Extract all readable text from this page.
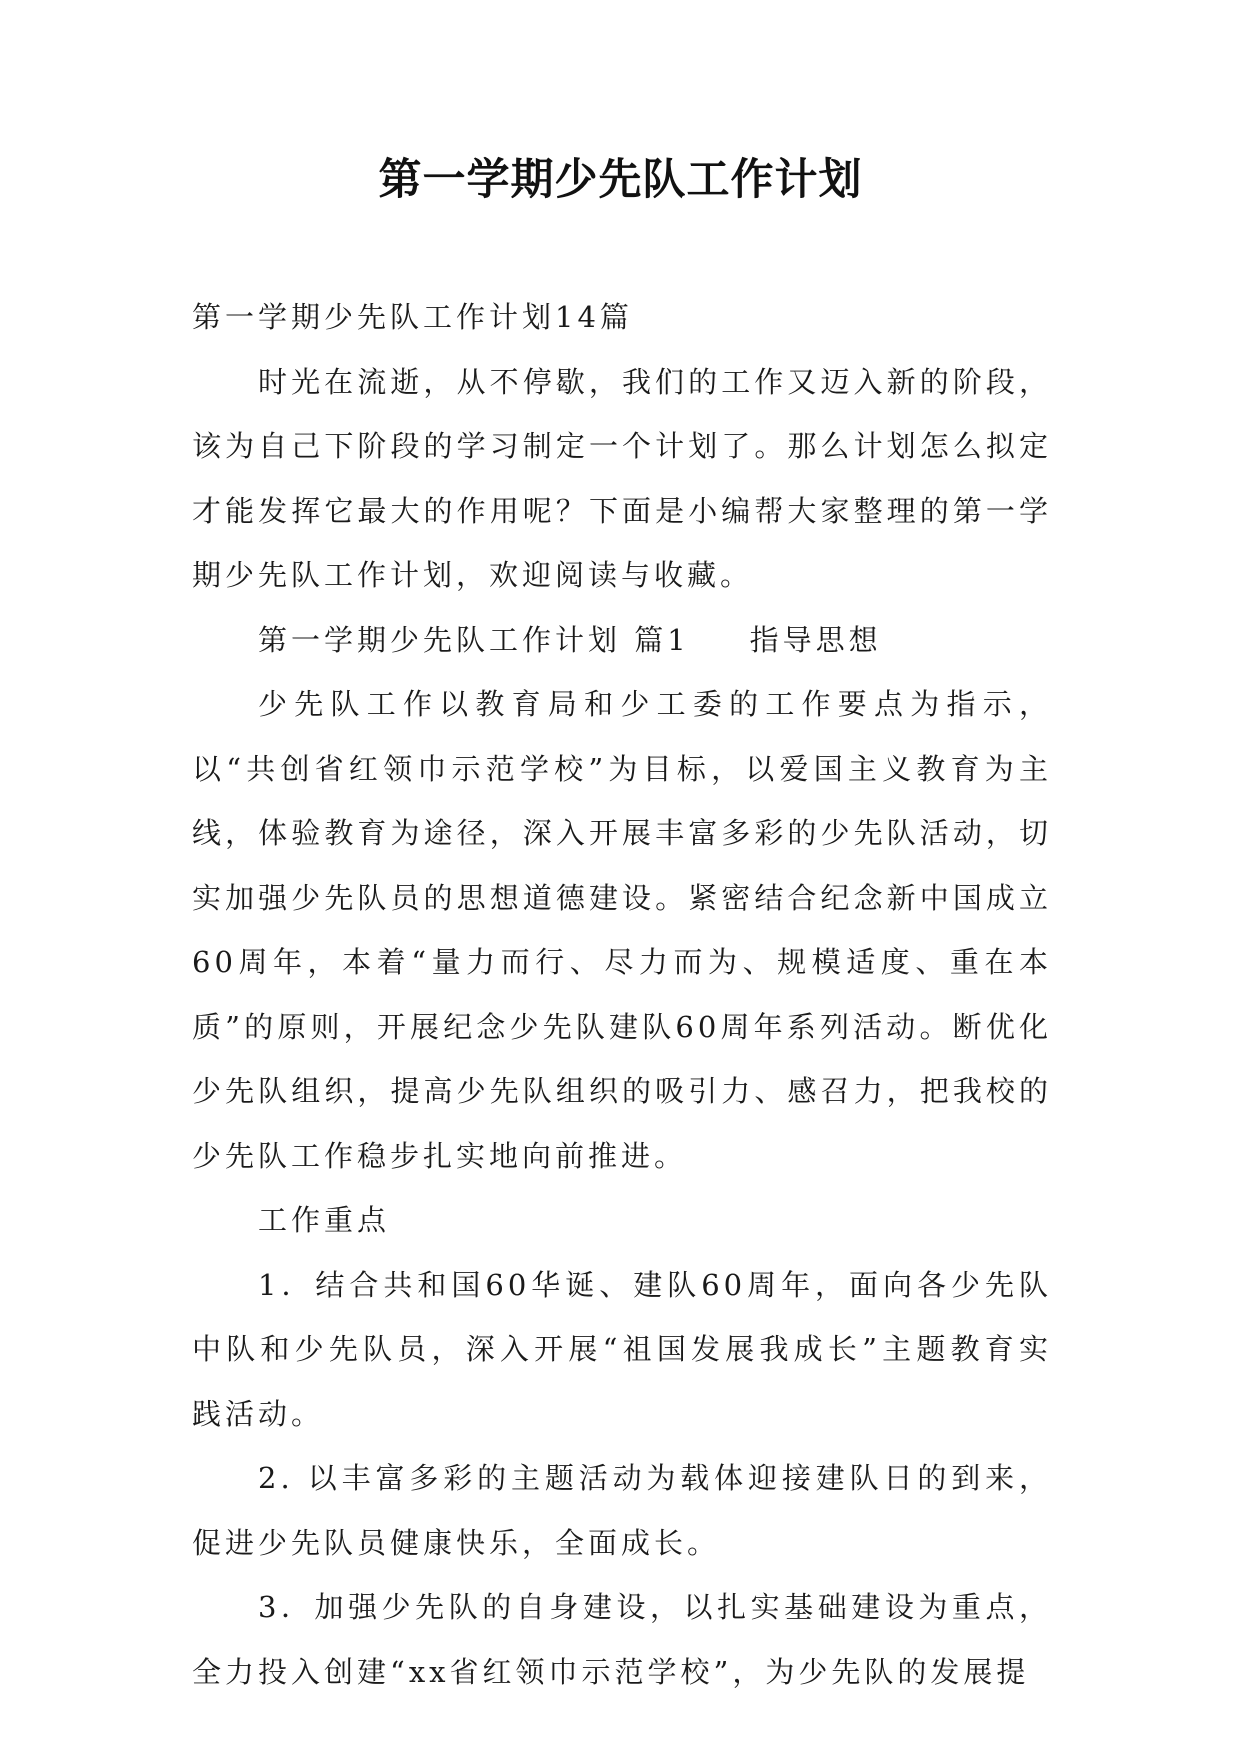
第一学期少先队工作计划

第一学期少先队工作计划14篇

时光在流逝，从不停歇，我们的工作又迈入新的阶段，该为自己下阶段的学习制定一个计划了。那么计划怎么拟定才能发挥它最大的作用呢？下面是小编帮大家整理的第一学期少先队工作计划，欢迎阅读与收藏。

第一学期少先队工作计划 篇1 指导思想

少先队工作以教育局和少工委的工作要点为指示，以“共创省红领巾示范学校”为目标，以爱国主义教育为主线，体验教育为途径，深入开展丰富多彩的少先队活动，切实加强少先队员的思想道德建设。紧密结合纪念新中国成立60周年，本着“量力而行、尽力而为、规模适度、重在本质”的原则，开展纪念少先队建队60周年系列活动。断优化少先队组织，提高少先队组织的吸引力、感召力，把我校的少先队工作稳步扎实地向前推进。

工作重点

1．结合共和国60华诞、建队60周年，面向各少先队中队和少先队员，深入开展“祖国发展我成长”主题教育实践活动。

2. 以丰富多彩的主题活动为载体迎接建队日的到来，促进少先队员健康快乐，全面成长。

3．加强少先队的自身建设，以扎实基础建设为重点，全力投入创建“xx省红领巾示范学校”，为少先队的发展提
